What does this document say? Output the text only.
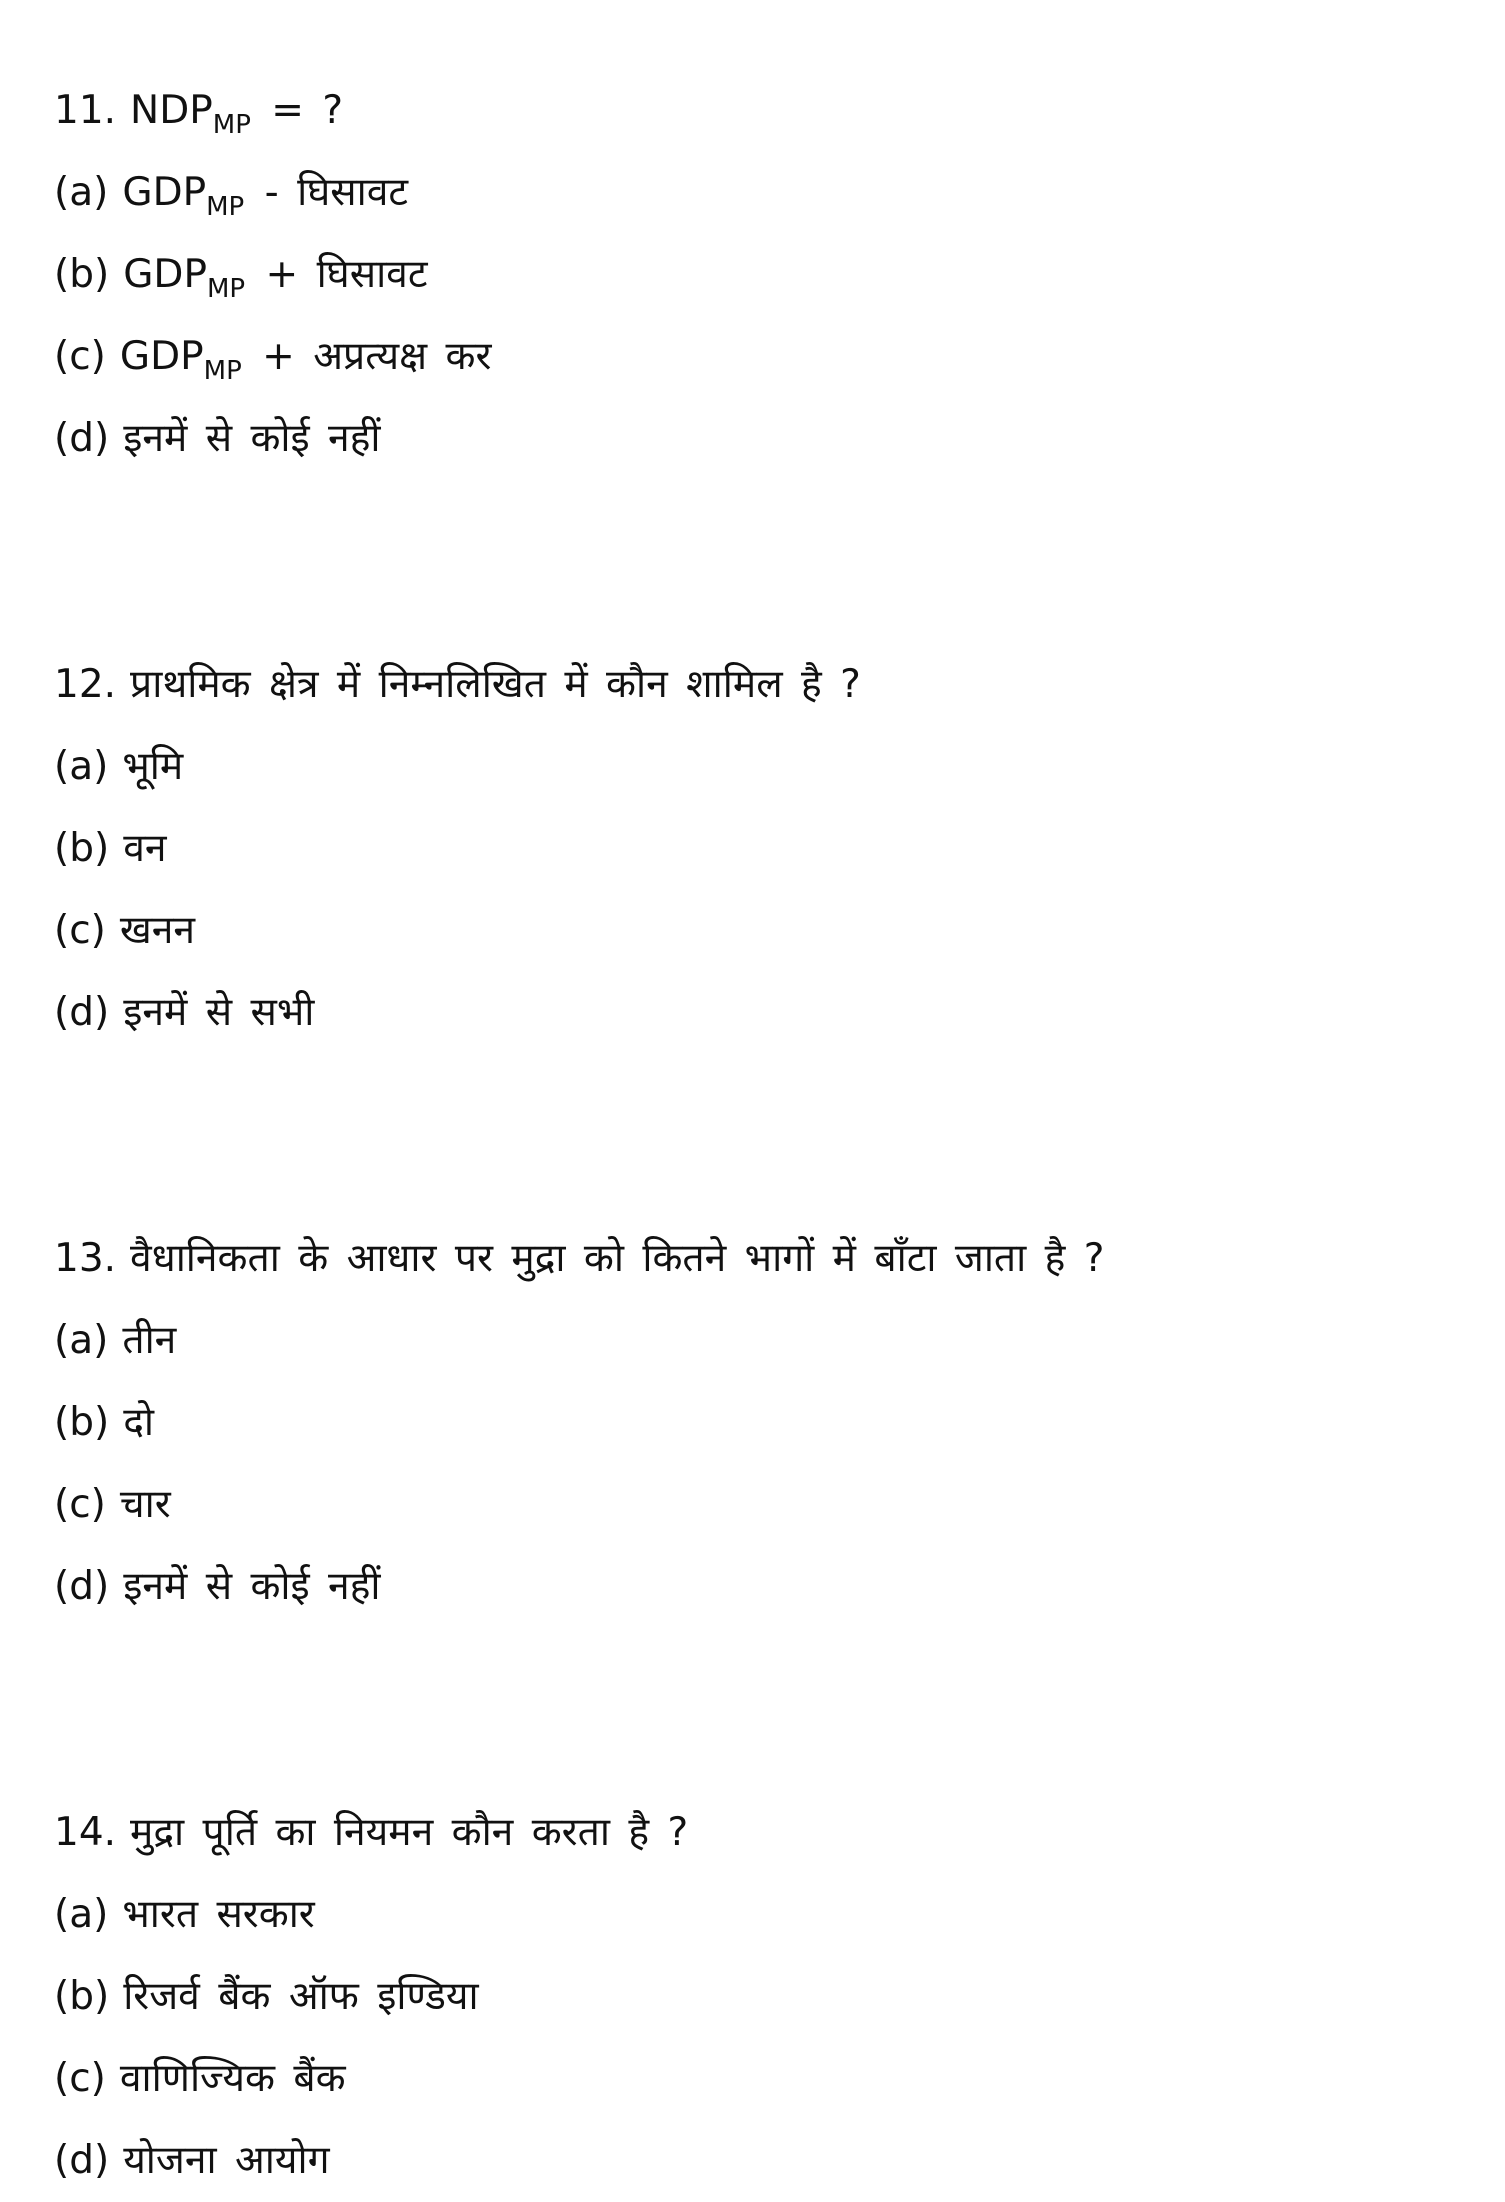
11. $NDP_{MP}$ = ?
(a) $GDP_{MP}$ - घिसावट
(b) $GDP_{MP}$ + घिसावट
(c) $GDP_{MP}$ + अप्रत्यक्ष कर
(d) इनमें से कोई नहीं
12. प्राथमिक क्षेत्र में निम्नलिखित में कौन शामिल है ?
(a) भूमि
(b) वन
(c) खनन
(d) इनमें से सभी
13. वैधानिकता के आधार पर मुद्रा को कितने भागों में बाँटा जाता है ?
(a) तीन
(b) दो
(c) चार
(d) इनमें से कोई नहीं
14. मुद्रा पूर्ति का नियमन कौन करता है ?
(a) भारत सरकार
(b) रिजर्व बैंक ऑफ इण्डिया
(c) वाणिज्यिक बैंक
(d) योजना आयोग
